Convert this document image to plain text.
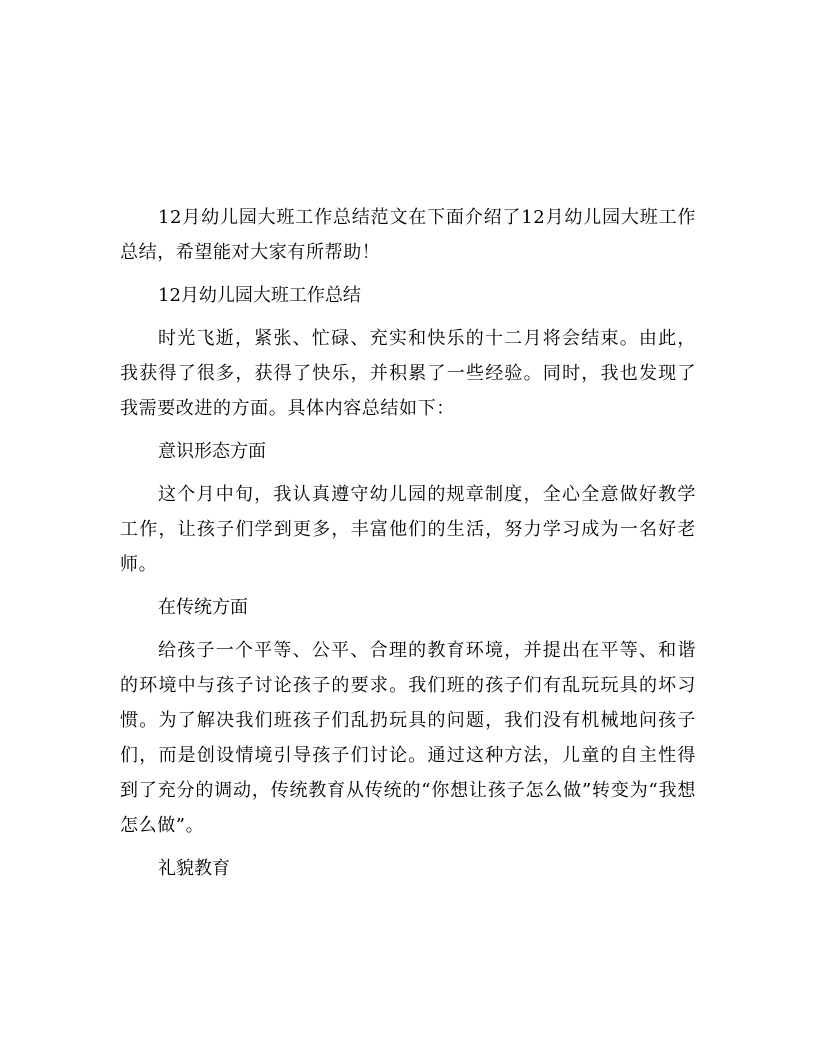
12月幼儿园大班工作总结范文在下面介绍了12月幼儿园大班工作总结，希望能对大家有所帮助！

12月幼儿园大班工作总结

时光飞逝，紧张、忙碌、充实和快乐的十二月将会结束。由此，我获得了很多，获得了快乐，并积累了一些经验。同时，我也发现了我需要改进的方面。具体内容总结如下：

意识形态方面

这个月中旬，我认真遵守幼儿园的规章制度，全心全意做好教学工作，让孩子们学到更多，丰富他们的生活，努力学习成为一名好老师。

在传统方面

给孩子一个平等、公平、合理的教育环境，并提出在平等、和谐的环境中与孩子讨论孩子的要求。我们班的孩子们有乱玩玩具的坏习惯。为了解决我们班孩子们乱扔玩具的问题，我们没有机械地问孩子们，而是创设情境引导孩子们讨论。通过这种方法，儿童的自主性得到了充分的调动，传统教育从传统的“你想让孩子怎么做”转变为“我想怎么做”。

礼貌教育
